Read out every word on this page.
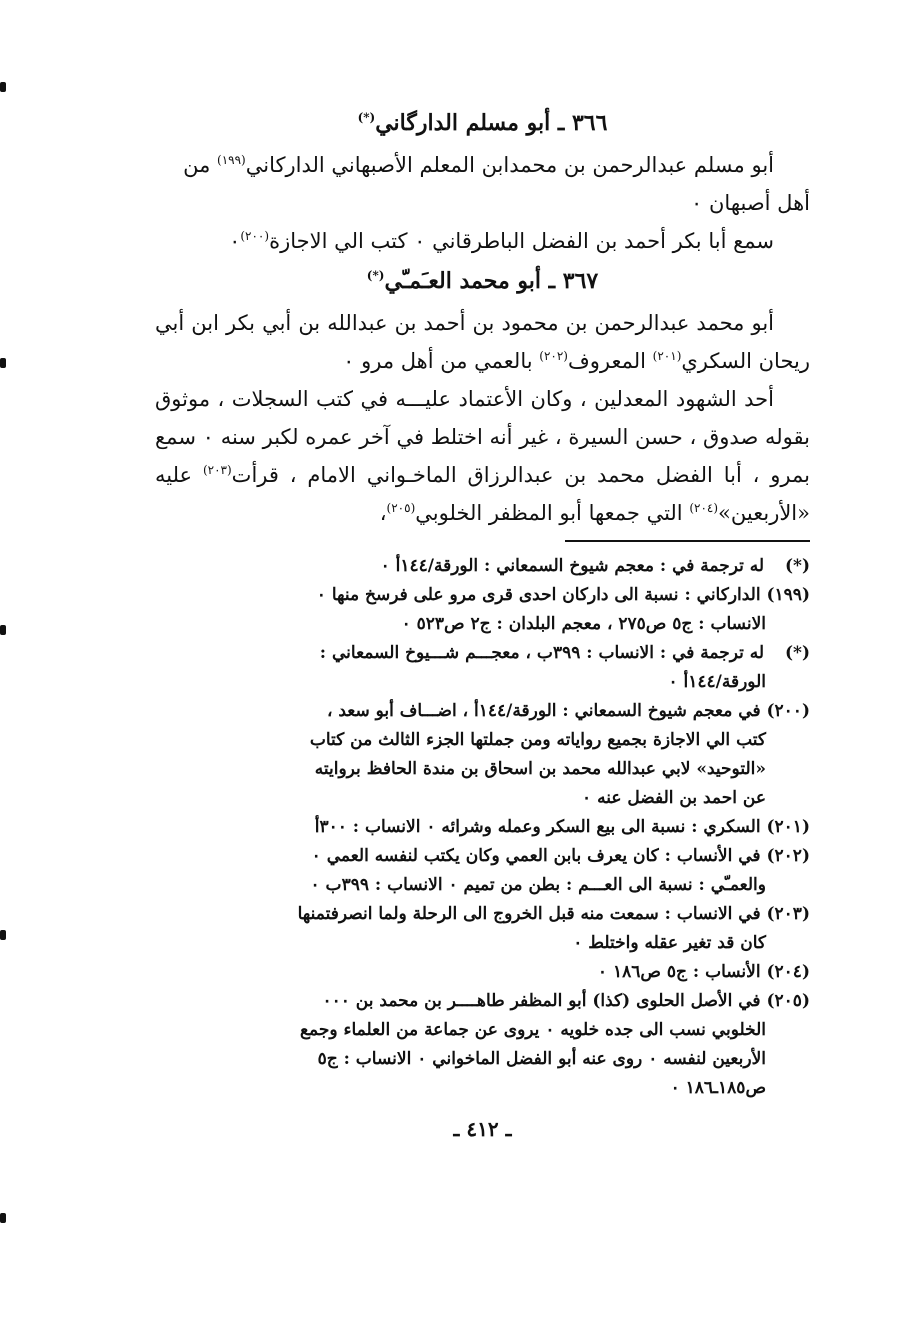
٣٦٦ ـ أبو مسلم الدارگاني(*)

أبو مسلم عبدالرحمن بن محمدابن المعلم الأصبهاني الداركاني$^{(١٩٩)}$ من أهل أصبهان ٠

سمع أبا بكر أحمد بن الفضل الباطرقاني ٠ كتب الي الاجازة$^{(٢٠٠)}$٠

٣٦٧ ـ أبو محمد العـَمـّي(*)

أبو محمد عبدالرحمن بن محمود بن أحمد بن عبدالله بن أبي بكر ابن أبي ريحان السكري$^{(٢٠١)}$ المعروف$^{(٢٠٢)}$ بالعمي من أهل مرو ٠

أحد الشهود المعدلين ، وكان الأعتماد عليـــه في كتب السجلات ، موثوق بقوله صدوق ، حسن السيرة ، غير أنه اختلط في آخر عمره لكبر سنه ٠ سمع بمرو ، أبا الفضل محمد بن عبدالرزاق الماخـواني الامام ، قرأت$^{(٢٠٣)}$ عليه «الأربعين»$^{(٢٠٤)}$ التي جمعها أبو المظفر الخلوبي$^{(٢٠٥)}$،

(*) له ترجمة في : معجم شيوخ السمعاني : الورقة/١٤٤أ ٠

(١٩٩) الداركاني : نسبة الى داركان احدى قرى مرو على فرسخ منها ٠
الانساب : ج٥ ص٢٧٥ ، معجم البلدان : ج٢ ص٥٢٣ ٠

(*) له ترجمة في : الانساب : ٣٩٩ب ، معجـــم شـــيوخ السمعاني :
الورقة/١٤٤أ ٠

(٢٠٠) في معجم شيوخ السمعاني : الورقة/١٤٤أ ، اضـــاف أبو سعد ،
كتب الي الاجازة بجميع رواياته ومن جملتها الجزء الثالث من كتاب
«التوحيد» لابي عبدالله محمد بن اسحاق بن مندة الحافظ بروايته
عن احمد بن الفضل عنه ٠

(٢٠١) السكري : نسبة الى بيع السكر وعمله وشرائه ٠ الانساب : ٣٠٠أ

(٢٠٢) في الأنساب : كان يعرف بابن العمي وكان يكتب لنفسه العمي ٠
والعمـّي : نسبة الى العـــم : بطن من تميم ٠ الانساب : ٣٩٩ب ٠

(٢٠٣) في الانساب : سمعت منه قبل الخروج الى الرحلة ولما انصرفتمنها
كان قد تغير عقله واختلط ٠

(٢٠٤) الأنساب : ج٥ ص١٨٦ ٠

(٢٠٥) في الأصل الحلوى (كذا) أبو المظفر طاهــــر بن محمد بن ٠٠٠
الخلوبي نسب الى جده خلويه ٠ يروى عن جماعة من العلماء وجمع
الأربعين لنفسه ٠ روى عنه أبو الفضل الماخواني ٠ الانساب : ج٥
ص١٨٥ـ١٨٦ ٠

ـ ٤١٢ ـ
